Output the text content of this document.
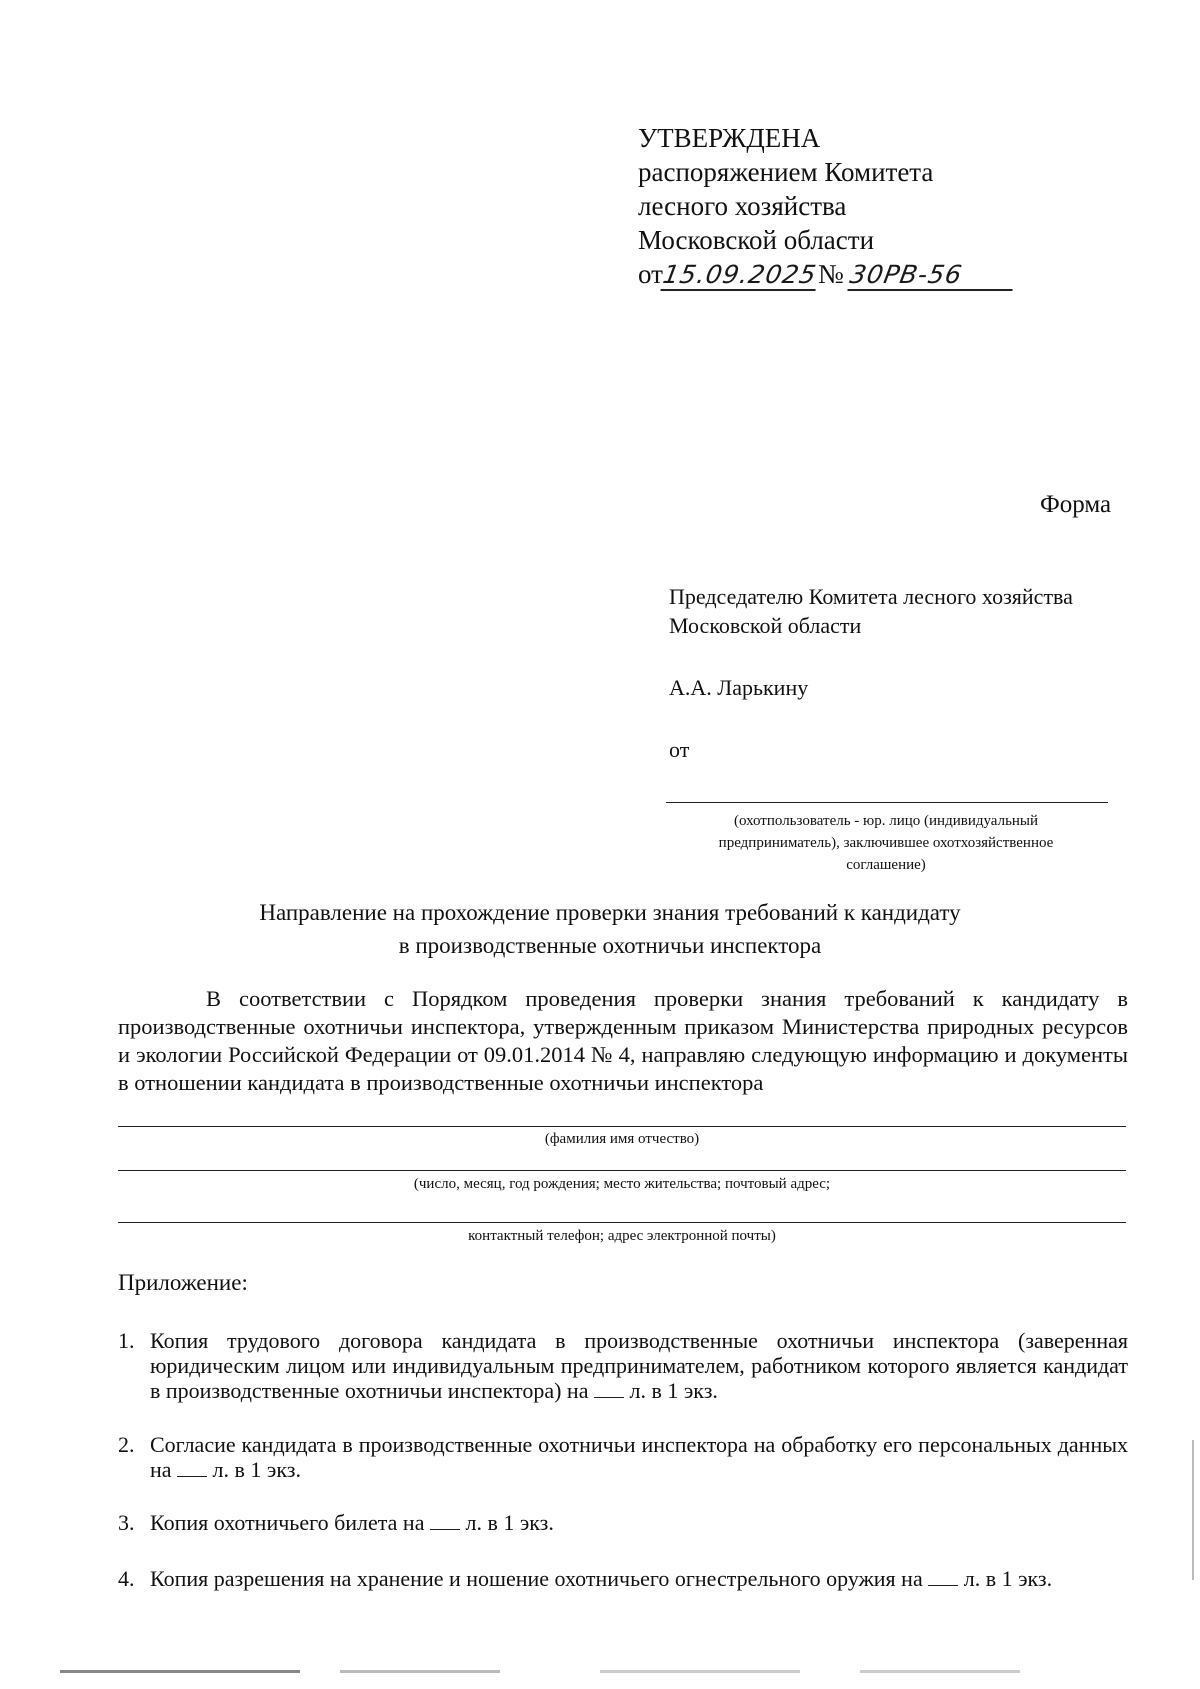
УТВЕРЖДЕНА
распоряжением Комитета
лесного хозяйства
Московской области
от15.09.2025№ 30РВ-56
Форма
Председателю Комитета лесного хозяйства
Московской области
А.А. Ларькину
от
(охотпользователь - юр. лицо (индивидуальный
предприниматель), заключившее охотхозяйственное
соглашение)
Направление на прохождение проверки знания требований к кандидату
в производственные охотничьи инспектора
В соответствии с Порядком проведения проверки знания требований к кандидату в производственные охотничьи инспектора, утвержденным приказом Министерства природных ресурсов и экологии Российской Федерации от 09.01.2014 № 4, направляю следующую информацию и документы в отношении кандидата в производственные охотничьи инспектора
(фамилия имя отчество)
(число, месяц, год рождения; место жительства; почтовый адрес;
контактный телефон; адрес электронной почты)
Приложение:
1. Копия трудового договора кандидата в производственные охотничьи инспектора (заверенная юридическим лицом или индивидуальным предпринимателем, работником которого является кандидат в производственные охотничьи инспектора) на л. в 1 экз.
2. Согласие кандидата в производственные охотничьи инспектора на обработку его персональных данных на л. в 1 экз.
3. Копия охотничьего билета на л. в 1 экз.
4. Копия разрешения на хранение и ношение охотничьего огнестрельного оружия на л. в 1 экз.
